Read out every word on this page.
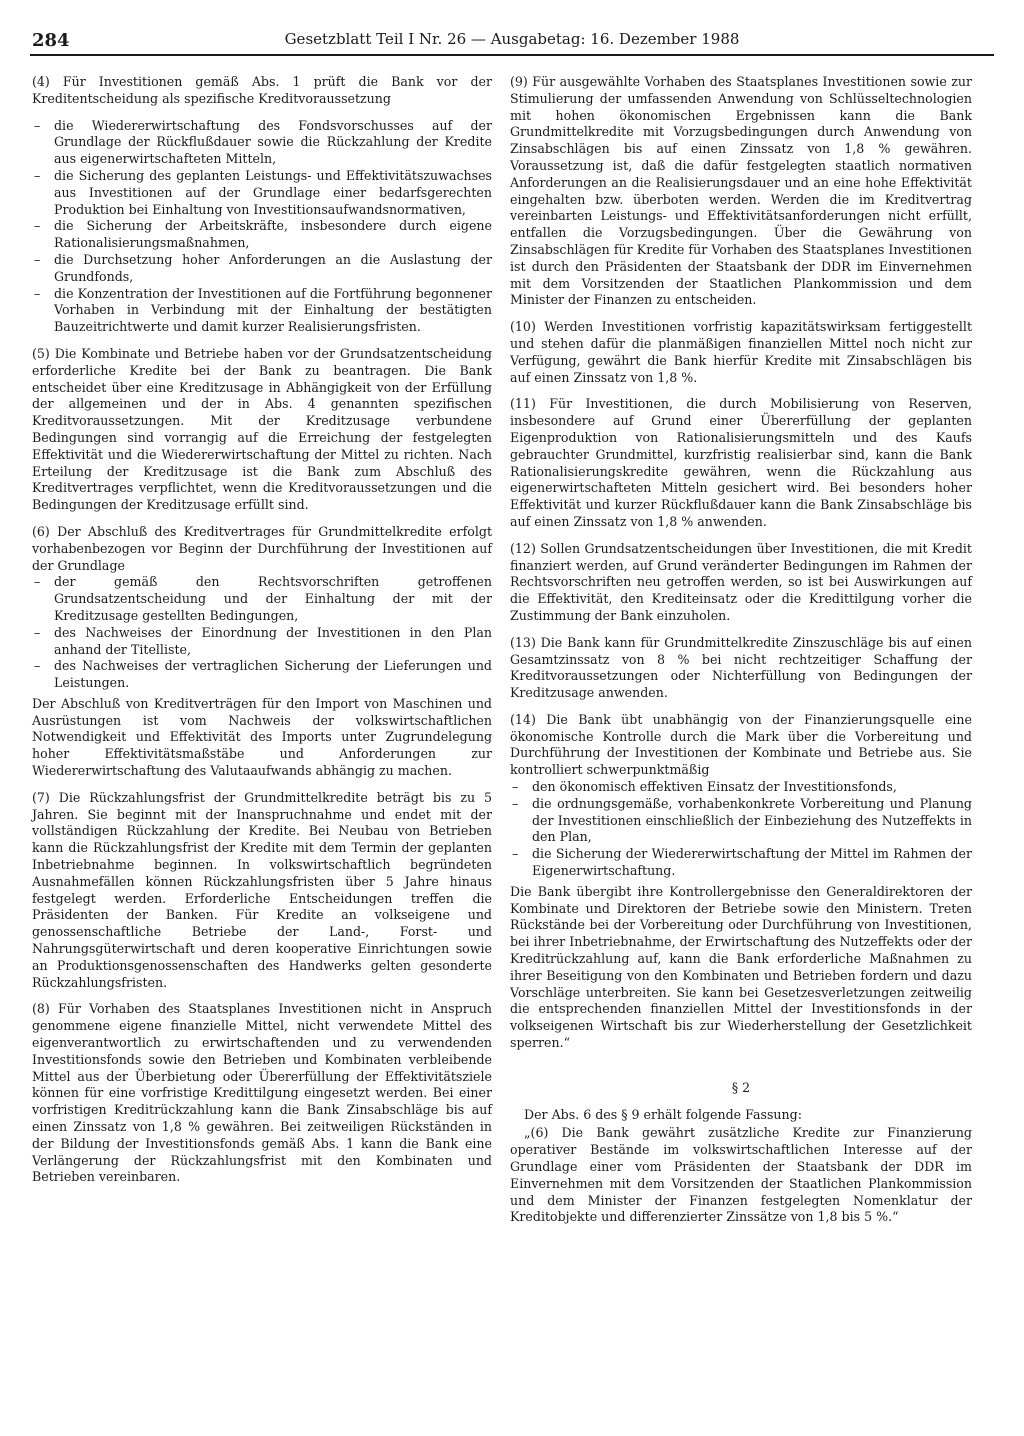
284	Gesetzblatt Teil I Nr. 26 — Ausgabetag: 16. Dezember 1988

(4) Für Investitionen gemäß Abs. 1 prüft die Bank vor der Kreditentscheidung als spezifische Kreditvoraussetzung

– die Wiedererwirtschaftung des Fondsvorschusses auf der Grundlage der Rückflußdauer sowie die Rückzahlung der Kredite aus eigenerwirtschafteten Mitteln,
– die Sicherung des geplanten Leistungs- und Effektivitätszuwachses aus Investitionen auf der Grundlage einer bedarfsgerechten Produktion bei Einhaltung von Investitionsaufwandsnormativen,
– die Sicherung der Arbeitskräfte, insbesondere durch eigene Rationalisierungsmaßnahmen,
– die Durchsetzung hoher Anforderungen an die Auslastung der Grundfonds,
– die Konzentration der Investitionen auf die Fortführung begonnener Vorhaben in Verbindung mit der Einhaltung der bestätigten Bauzeitrichtwerte und damit kurzer Realisierungsfristen.

(5) Die Kombinate und Betriebe haben vor der Grundsatzentscheidung erforderliche Kredite bei der Bank zu beantragen. Die Bank entscheidet über eine Kreditzusage in Abhängigkeit von der Erfüllung der allgemeinen und der in Abs. 4 genannten spezifischen Kreditvoraussetzungen. Mit der Kreditzusage verbundene Bedingungen sind vorrangig auf die Erreichung der festgelegten Effektivität und die Wiedererwirtschaftung der Mittel zu richten. Nach Erteilung der Kreditzusage ist die Bank zum Abschluß des Kreditvertrages verpflichtet, wenn die Kreditvoraussetzungen und die Bedingungen der Kreditzusage erfüllt sind.

(6) Der Abschluß des Kreditvertrages für Grundmittelkredite erfolgt vorhabenbezogen vor Beginn der Durchführung der Investitionen auf der Grundlage

– der gemäß den Rechtsvorschriften getroffenen Grundsatzentscheidung und der Einhaltung der mit der Kreditzusage gestellten Bedingungen,
– des Nachweises der Einordnung der Investitionen in den Plan anhand der Titelliste,
– des Nachweises der vertraglichen Sicherung der Lieferungen und Leistungen.

Der Abschluß von Kreditverträgen für den Import von Maschinen und Ausrüstungen ist vom Nachweis der volkswirtschaftlichen Notwendigkeit und Effektivität des Imports unter Zugrundelegung hoher Effektivitätsmaßstäbe und Anforderungen zur Wiedererwirtschaftung des Valutaaufwands abhängig zu machen.

(7) Die Rückzahlungsfrist der Grundmittelkredite beträgt bis zu 5 Jahren. Sie beginnt mit der Inanspruchnahme und endet mit der vollständigen Rückzahlung der Kredite. Bei Neubau von Betrieben kann die Rückzahlungsfrist der Kredite mit dem Termin der geplanten Inbetriebnahme beginnen. In volkswirtschaftlich begründeten Ausnahmefällen können Rückzahlungsfristen über 5 Jahre hinaus festgelegt werden. Erforderliche Entscheidungen treffen die Präsidenten der Banken. Für Kredite an volkseigene und genossenschaftliche Betriebe der Land-, Forst- und Nahrungsgüterwirtschaft und deren kooperative Einrichtungen sowie an Produktionsgenossenschaften des Handwerks gelten gesonderte Rückzahlungsfristen.

(8) Für Vorhaben des Staatsplanes Investitionen nicht in Anspruch genommene eigene finanzielle Mittel, nicht verwendete Mittel des eigenverantwortlich zu erwirtschaftenden und zu verwendenden Investitionsfonds sowie den Betrieben und Kombinaten verbleibende Mittel aus der Überbietung oder Übererfüllung der Effektivitätsziele können für eine vorfristige Kredittilgung eingesetzt werden. Bei einer vorfristigen Kreditrückzahlung kann die Bank Zinsabschläge bis auf einen Zinssatz von 1,8 % gewähren. Bei zeitweiligen Rückständen in der Bildung der Investitionsfonds gemäß Abs. 1 kann die Bank eine Verlängerung der Rückzahlungsfrist mit den Kombinaten und Betrieben vereinbaren.

(9) Für ausgewählte Vorhaben des Staatsplanes Investitionen sowie zur Stimulierung der umfassenden Anwendung von Schlüsseltechnologien mit hohen ökonomischen Ergebnissen kann die Bank Grundmittelkredite mit Vorzugsbedingungen durch Anwendung von Zinsabschlägen bis auf einen Zinssatz von 1,8 % gewähren. Voraussetzung ist, daß die dafür festgelegten staatlich normativen Anforderungen an die Realisierungsdauer und an eine hohe Effektivität eingehalten bzw. überboten werden. Werden die im Kreditvertrag vereinbarten Leistungs- und Effektivitätsanforderungen nicht erfüllt, entfallen die Vorzugsbedingungen. Über die Gewährung von Zinsabschlägen für Kredite für Vorhaben des Staatsplanes Investitionen ist durch den Präsidenten der Staatsbank der DDR im Einvernehmen mit dem Vorsitzenden der Staatlichen Plankommission und dem Minister der Finanzen zu entscheiden.

(10) Werden Investitionen vorfristig kapazitätswirksam fertiggestellt und stehen dafür die planmäßigen finanziellen Mittel noch nicht zur Verfügung, gewährt die Bank hierfür Kredite mit Zinsabschlägen bis auf einen Zinssatz von 1,8 %.

(11) Für Investitionen, die durch Mobilisierung von Reserven, insbesondere auf Grund einer Übererfüllung der geplanten Eigenproduktion von Rationalisierungsmitteln und des Kaufs gebrauchter Grundmittel, kurzfristig realisierbar sind, kann die Bank Rationalisierungskredite gewähren, wenn die Rückzahlung aus eigenerwirtschafteten Mitteln gesichert wird. Bei besonders hoher Effektivität und kurzer Rückflußdauer kann die Bank Zinsabschläge bis auf einen Zinssatz von 1,8 % anwenden.

(12) Sollen Grundsatzentscheidungen über Investitionen, die mit Kredit finanziert werden, auf Grund veränderter Bedingungen im Rahmen der Rechtsvorschriften neu getroffen werden, so ist bei Auswirkungen auf die Effektivität, den Krediteinsatz oder die Kredittilgung vorher die Zustimmung der Bank einzuholen.

(13) Die Bank kann für Grundmittelkredite Zinszuschläge bis auf einen Gesamtzinssatz von 8 % bei nicht rechtzeitiger Schaffung der Kreditvoraussetzungen oder Nichterfüllung von Bedingungen der Kreditzusage anwenden.

(14) Die Bank übt unabhängig von der Finanzierungsquelle eine ökonomische Kontrolle durch die Mark über die Vorbereitung und Durchführung der Investitionen der Kombinate und Betriebe aus. Sie kontrolliert schwerpunktmäßig

– den ökonomisch effektiven Einsatz der Investitionsfonds,
– die ordnungsgemäße, vorhabenkonkrete Vorbereitung und Planung der Investitionen einschließlich der Einbeziehung des Nutzeffekts in den Plan,
– die Sicherung der Wiedererwirtschaftung der Mittel im Rahmen der Eigenerwirtschaftung.

Die Bank übergibt ihre Kontrollergebnisse den Generaldirektoren der Kombinate und Direktoren der Betriebe sowie den Ministern. Treten Rückstände bei der Vorbereitung oder Durchführung von Investitionen, bei ihrer Inbetriebnahme, der Erwirtschaftung des Nutzeffekts oder der Kreditrückzahlung auf, kann die Bank erforderliche Maßnahmen zu ihrer Beseitigung von den Kombinaten und Betrieben fordern und dazu Vorschläge unterbreiten. Sie kann bei Gesetzesverletzungen zeitweilig die entsprechenden finanziellen Mittel der Investitionsfonds in der volkseigenen Wirtschaft bis zur Wiederherstellung der Gesetzlichkeit sperren.“

§ 2

Der Abs. 6 des § 9 erhält folgende Fassung:

„(6) Die Bank gewährt zusätzliche Kredite zur Finanzierung operativer Bestände im volkswirtschaftlichen Interesse auf der Grundlage einer vom Präsidenten der Staatsbank der DDR im Einvernehmen mit dem Vorsitzenden der Staatlichen Plankommission und dem Minister der Finanzen festgelegten Nomenklatur der Kreditobjekte und differenzierter Zinssätze von 1,8 bis 5 %.“
